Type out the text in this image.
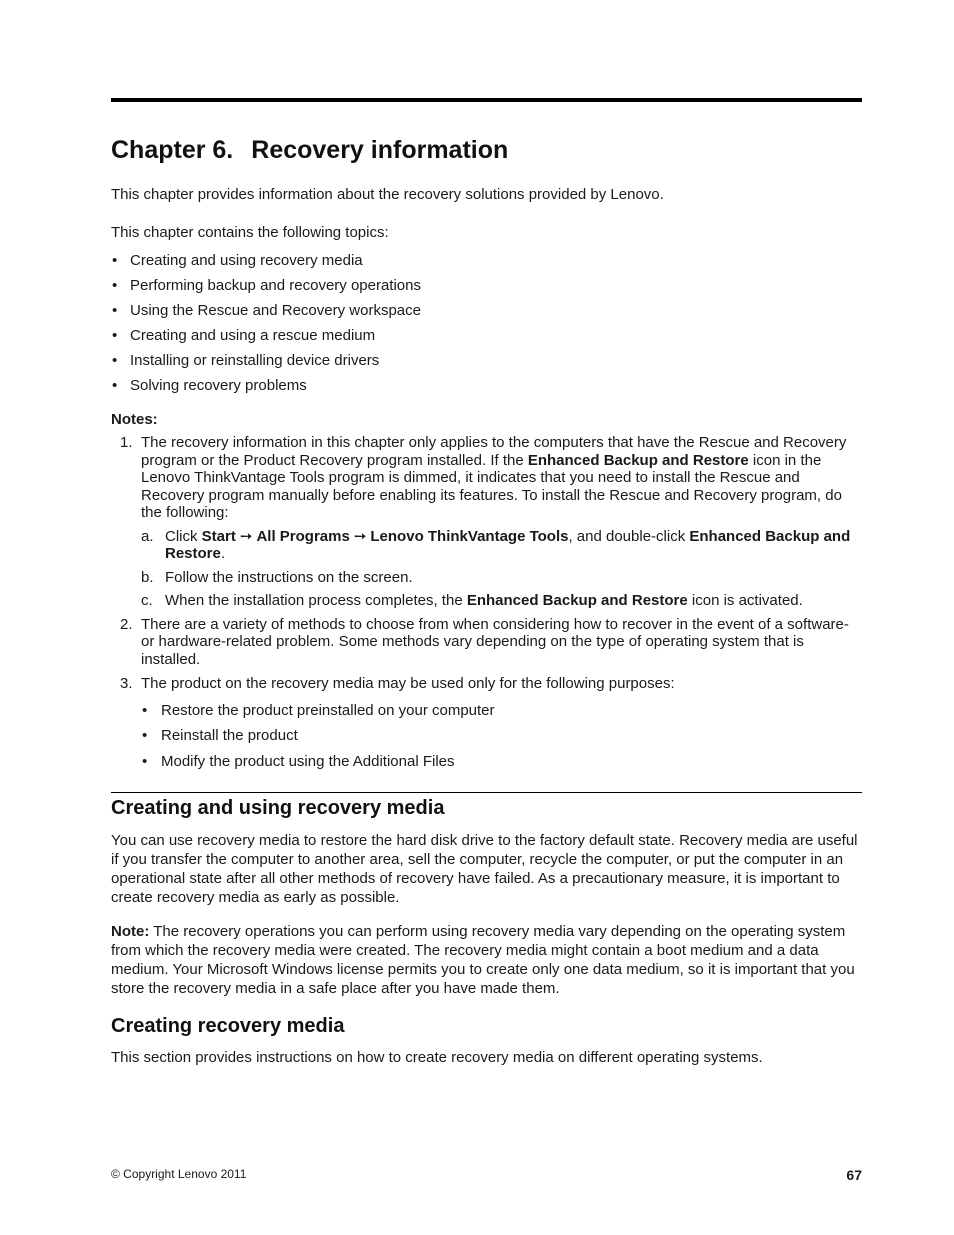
Chapter 6. Recovery information

This chapter provides information about the recovery solutions provided by Lenovo.

This chapter contains the following topics:

• Creating and using recovery media
• Performing backup and recovery operations
• Using the Rescue and Recovery workspace
• Creating and using a rescue medium
• Installing or reinstalling device drivers
• Solving recovery problems

Notes:

1. The recovery information in this chapter only applies to the computers that have the Rescue and Recovery program or the Product Recovery program installed. If the Enhanced Backup and Restore icon in the Lenovo ThinkVantage Tools program is dimmed, it indicates that you need to install the Rescue and Recovery program manually before enabling its features. To install the Rescue and Recovery program, do the following:
a. Click Start ➙ All Programs ➙ Lenovo ThinkVantage Tools, and double-click Enhanced Backup and Restore.
b. Follow the instructions on the screen.
c. When the installation process completes, the Enhanced Backup and Restore icon is activated.
2. There are a variety of methods to choose from when considering how to recover in the event of a software- or hardware-related problem. Some methods vary depending on the type of operating system that is installed.
3. The product on the recovery media may be used only for the following purposes:
• Restore the product preinstalled on your computer
• Reinstall the product
• Modify the product using the Additional Files
Creating and using recovery media

You can use recovery media to restore the hard disk drive to the factory default state. Recovery media are useful if you transfer the computer to another area, sell the computer, recycle the computer, or put the computer in an operational state after all other methods of recovery have failed. As a precautionary measure, it is important to create recovery media as early as possible.

Note: The recovery operations you can perform using recovery media vary depending on the operating system from which the recovery media were created. The recovery media might contain a boot medium and a data medium. Your Microsoft Windows license permits you to create only one data medium, so it is important that you store the recovery media in a safe place after you have made them.

Creating recovery media

This section provides instructions on how to create recovery media on different operating systems.

© Copyright Lenovo 2011	67
